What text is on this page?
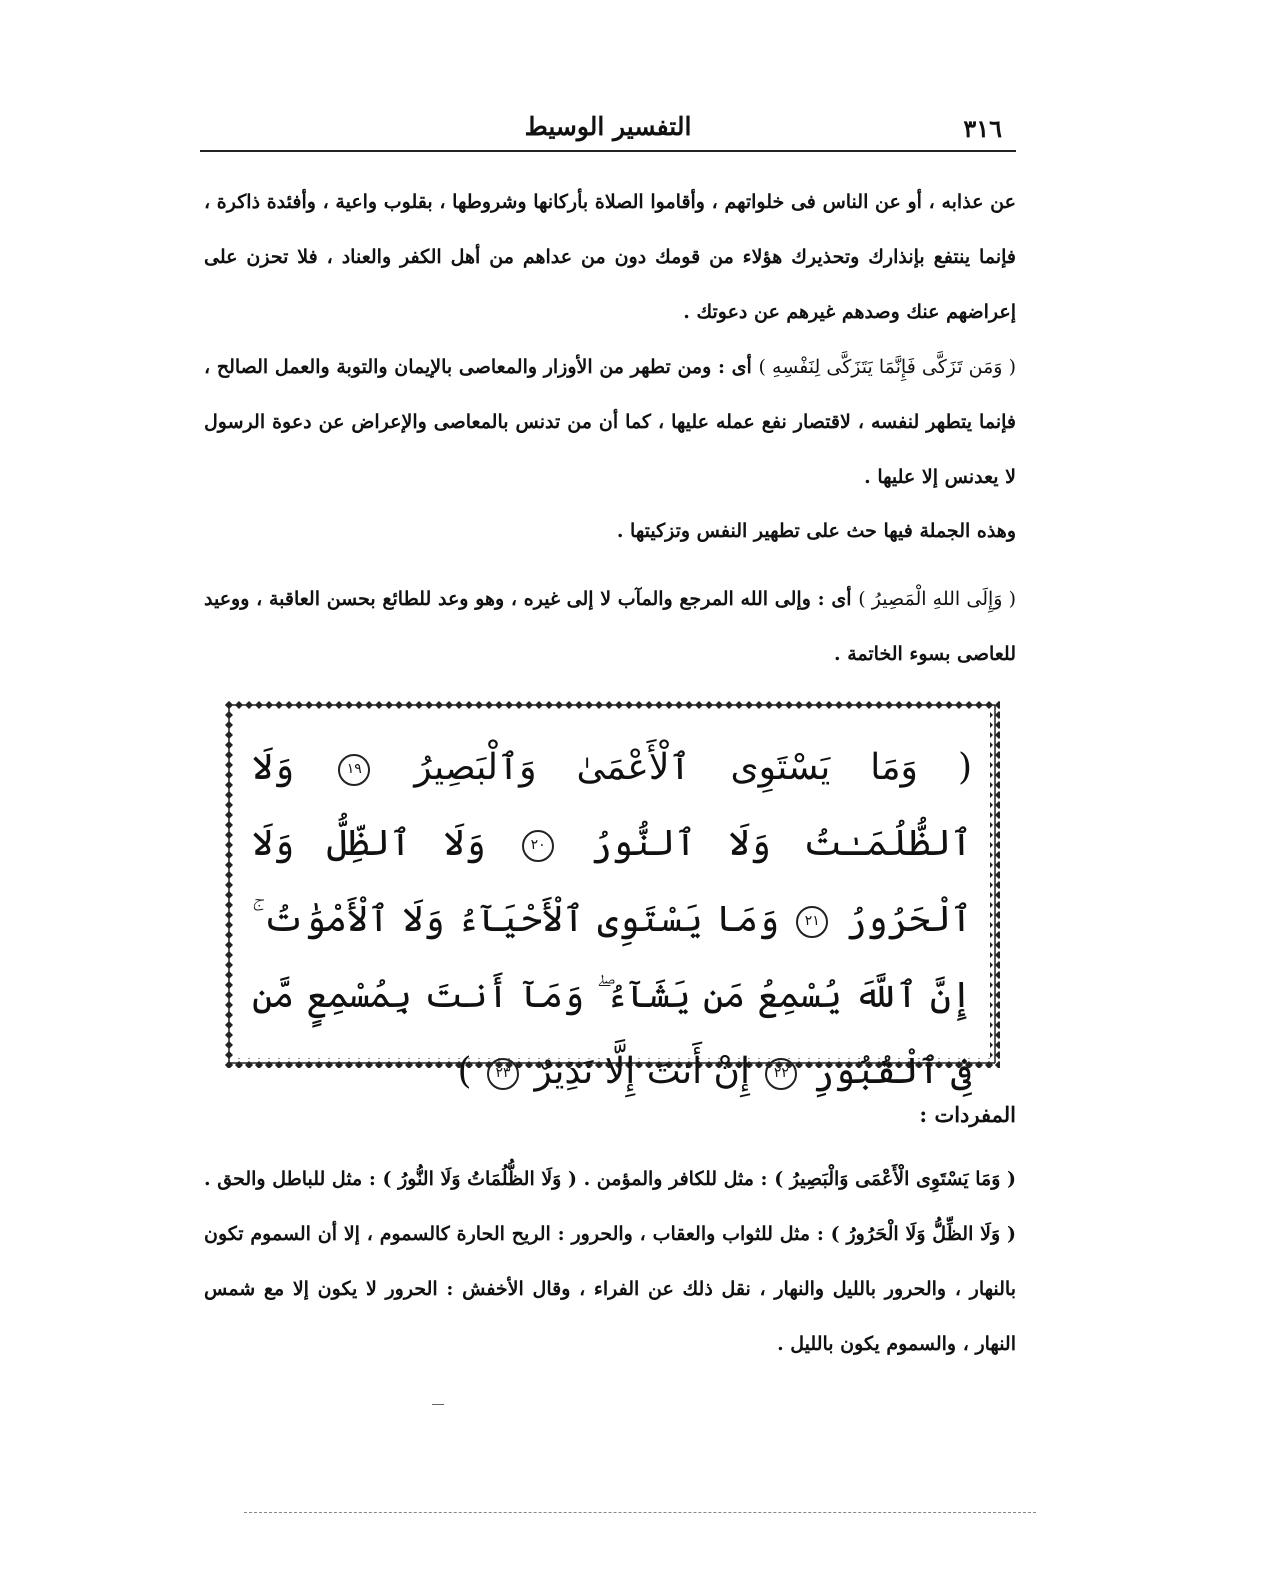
التفسير الوسيط	٣١٦
عن عذابه ، أو عن الناس فى خلواتهم ، وأقاموا الصلاة بأركانها وشروطها ، بقلوب واعية ، وأفئدة ذاكرة ، فإنما ينتفع بإنذارك وتحذيرك هؤلاء من قومك دون من عداهم من أهل الكفر والعناد ، فلا تحزن على إعراضهم عنك وصدهم غيرهم عن دعوتك .
( وَمَن تَزَكَّى فَإِنَّمَا يَتَزَكَّى لِنَفْسِهِ ) أى : ومن تطهر من الأوزار والمعاصى بالإيمان والتوبة والعمل الصالح ، فإنما يتطهر لنفسه ، لاقتصار نفع عمله عليها ، كما أن من تدنس بالمعاصى والإعراض عن دعوة الرسول لا يعدنس إلا عليها .
وهذه الجملة فيها حث على تطهير النفس وتزكيتها .
( وَإِلَى اللهِ الْمَصِيرُ ) أى : وإلى الله المرجع والمآب لا إلى غيره ، وهو وعد للطائع بحسن العاقبة ، ووعيد للعاصى بسوء الخاتمة .
( وَمَا يَسْتَوِى ٱلْأَعْمَىٰ وَٱلْبَصِيرُ ١٩ وَلَا ٱلظُّلُمَـٰتُ وَلَا ٱلنُّورُ ٢٠ وَلَا ٱلظِّلُّ وَلَا ٱلْحَرُورُ ٢١ وَمَا يَسْتَوِى ٱلْأَحْيَآءُ وَلَا ٱلْأَمْوَٰتُ ۚ إِنَّ ٱللَّهَ يُسْمِعُ مَن يَشَآءُ ۖ وَمَآ أَنتَ بِمُسْمِعٍ مَّن فِى ٱلْقُبُورِ ٢٢ إِنْ أَنتَ إِلَّا نَذِيرٌ ٢٣ )
المفردات :
( وَمَا يَسْتَوِى الْأَعْمَى وَالْبَصِيرُ ) : مثل للكافر والمؤمن . ( وَلَا الظُّلُمَاتُ وَلَا النُّورُ ) : مثل للباطل والحق . ( وَلَا الظِّلُّ وَلَا الْحَرُورُ ) : مثل للثواب والعقاب ، والحرور : الريح الحارة كالسموم ، إلا أن السموم تكون بالنهار ، والحرور بالليل والنهار ، نقل ذلك عن الفراء ، وقال الأخفش : الحرور لا يكون إلا مع شمس النهار ، والسموم يكون بالليل .
